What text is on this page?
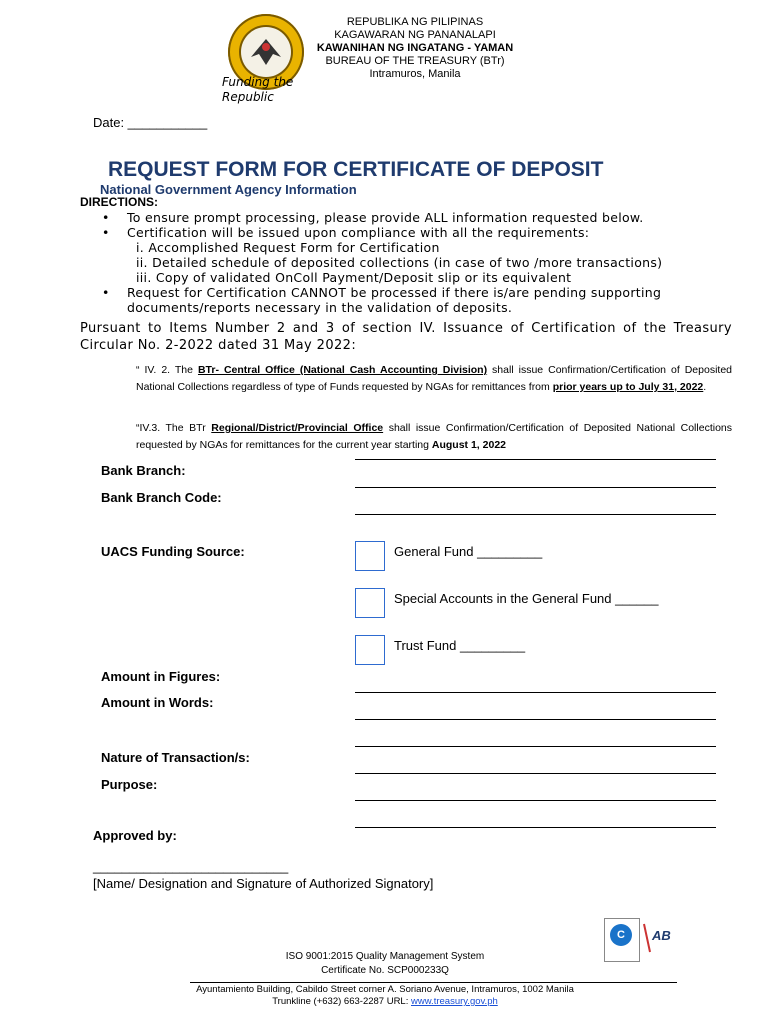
Funding the Republic
REPUBLIKA NG PILIPINAS
KAGAWARAN NG PANANALAPI
KAWANIHAN NG INGATANG - YAMAN
BUREAU OF THE TREASURY (BTr)
Intramuros, Manila
Date: ___________
REQUEST FORM FOR CERTIFICATE OF DEPOSIT
National Government Agency Information
DIRECTIONS:
• To ensure prompt processing, please provide ALL information requested below.
• Certification will be issued upon compliance with all the requirements:
i. Accomplished Request Form for Certification
ii. Detailed schedule of deposited collections (in case of two /more transactions)
iii. Copy of validated OnColl Payment/Deposit slip or its equivalent
• Request for Certification CANNOT be processed if there is/are pending supporting documents/reports necessary in the validation of deposits.
Pursuant to Items Number 2 and 3 of section IV. Issuance of Certification of the Treasury Circular No. 2-2022 dated 31 May 2022:
“ IV. 2. The BTr- Central Office (National Cash Accounting Division) shall issue Confirmation/Certification of Deposited National Collections regardless of type of Funds requested by NGAs for remittances from prior years up to July 31, 2022.
“IV.3. The BTr Regional/District/Provincial Office shall issue Confirmation/Certification of Deposited National Collections requested by NGAs for remittances for the current year starting August 1, 2022
Bank Branch:
Bank Branch Code:
UACS Funding Source:	General Fund _________
Special Accounts in the General Fund ______
Trust Fund _________
Amount in Figures:
Amount in Words:
Nature of Transaction/s:
Purpose:
Approved by:
___________________________
[Name/ Designation and Signature of Authorized Signatory]
C	AB
ISO 9001:2015 Quality Management System
Certificate No. SCP000233Q
Ayuntamiento Building, Cabildo Street corner A. Soriano Avenue, Intramuros, 1002 Manila
Trunkline (+632) 663-2287 URL: www.treasury.gov.ph
